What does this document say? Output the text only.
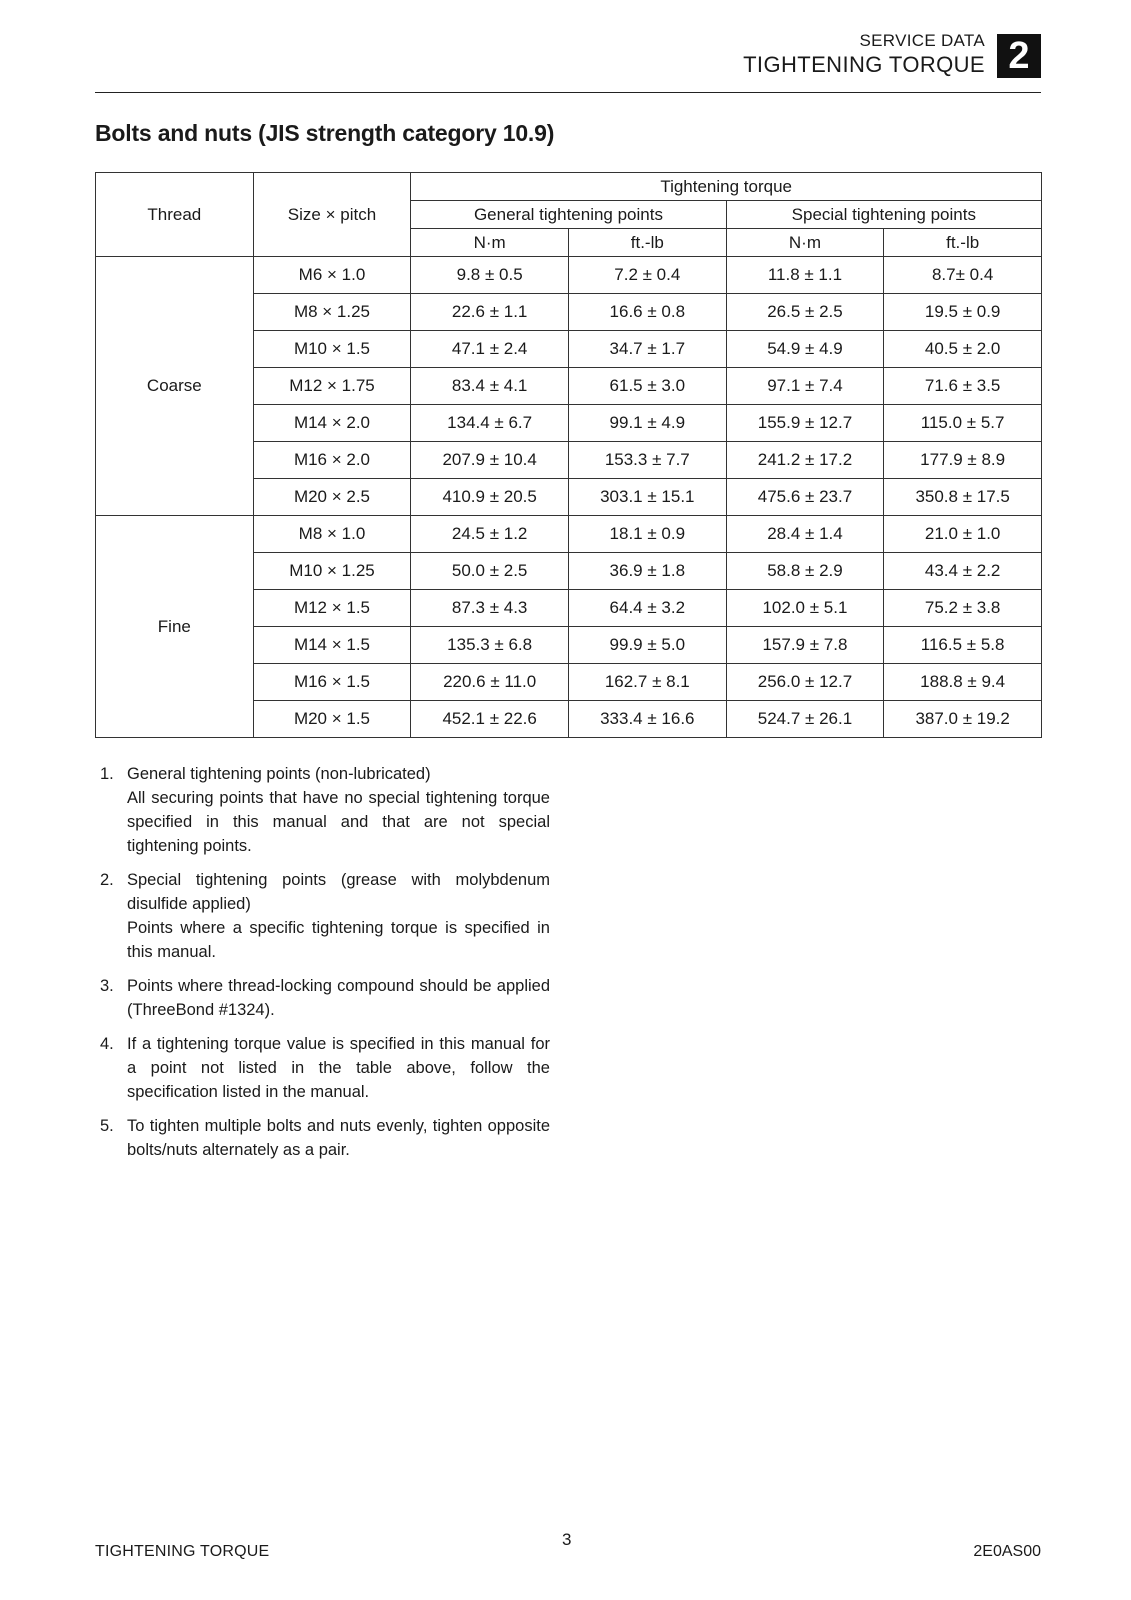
SERVICE DATA
TIGHTENING TORQUE 2
Bolts and nuts (JIS strength category 10.9)
Thread	Size × pitch	Tightening torque			
		General tightening points		Special tightening points	
		N·m	ft.-lb	N·m	ft.-lb
Coarse	M6 × 1.0	9.8 ± 0.5	7.2 ± 0.4	11.8 ± 1.1	8.7± 0.4
	M8 × 1.25	22.6 ± 1.1	16.6 ± 0.8	26.5 ± 2.5	19.5 ± 0.9
	M10 × 1.5	47.1 ± 2.4	34.7 ± 1.7	54.9 ± 4.9	40.5 ± 2.0
	M12 × 1.75	83.4 ± 4.1	61.5 ± 3.0	97.1 ± 7.4	71.6 ± 3.5
	M14 × 2.0	134.4 ± 6.7	99.1 ± 4.9	155.9 ± 12.7	115.0 ± 5.7
	M16 × 2.0	207.9 ± 10.4	153.3 ± 7.7	241.2 ± 17.2	177.9 ± 8.9
	M20 × 2.5	410.9 ± 20.5	303.1 ± 15.1	475.6 ± 23.7	350.8 ± 17.5
Fine	M8 × 1.0	24.5 ± 1.2	18.1 ± 0.9	28.4 ± 1.4	21.0 ± 1.0
	M10 × 1.25	50.0 ± 2.5	36.9 ± 1.8	58.8 ± 2.9	43.4 ± 2.2
	M12 × 1.5	87.3 ± 4.3	64.4 ± 3.2	102.0 ± 5.1	75.2 ± 3.8
	M14 × 1.5	135.3 ± 6.8	99.9 ± 5.0	157.9 ± 7.8	116.5 ± 5.8
	M16 × 1.5	220.6 ± 11.0	162.7 ± 8.1	256.0 ± 12.7	188.8 ± 9.4
	M20 × 1.5	452.1 ± 22.6	333.4 ± 16.6	524.7 ± 26.1	387.0 ± 19.2
1. General tightening points (non-lubricated)
All securing points that have no special tightening torque specified in this manual and that are not special tightening points.
2. Special tightening points (grease with molybdenum disulfide applied)
Points where a specific tightening torque is specified in this manual.
3. Points where thread-locking compound should be applied (ThreeBond #1324).
4. If a tightening torque value is specified in this manual for a point not listed in the table above, follow the specification listed in the manual.
5. To tighten multiple bolts and nuts evenly, tighten opposite bolts/nuts alternately as a pair.
TIGHTENING TORQUE
3
2E0AS00
